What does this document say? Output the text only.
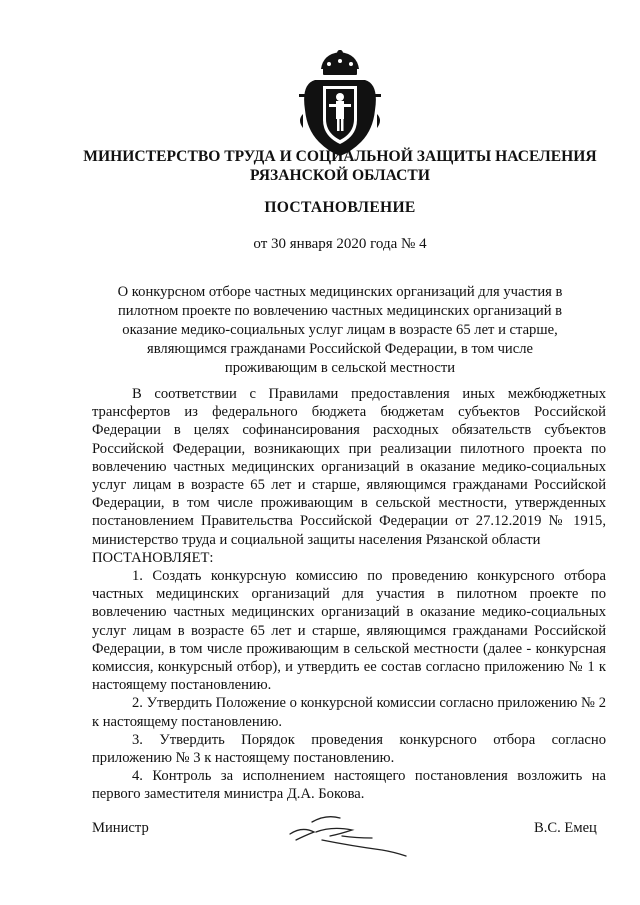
МИНИСТЕРСТВО ТРУДА И СОЦИАЛЬНОЙ ЗАЩИТЫ НАСЕЛЕНИЯ
РЯЗАНСКОЙ ОБЛАСТИ
ПОСТАНОВЛЕНИЕ
от 30 января 2020 года № 4
О конкурсном отборе частных медицинских организаций для участия в
пилотном проекте по вовлечению частных медицинских организаций в
оказание медико-социальных услуг лицам в возрасте 65 лет и старше,
являющимся гражданами Российской Федерации, в том числе
проживающим в сельской местности

В соответствии с Правилами предоставления иных межбюджетных трансфертов из федерального бюджета бюджетам субъектов Российской Федерации в целях софинансирования расходных обязательств субъектов Российской Федерации, возникающих при реализации пилотного проекта по вовлечению частных медицинских организаций в оказание медико-социальных услуг лицам в возрасте 65 лет и старше, являющимся гражданами Российской Федерации, в том числе проживающим в сельской местности, утвержденных постановлением Правительства Российской Федерации от 27.12.2019 № 1915, министерство труда и социальной защиты населения Рязанской области

ПОСТАНОВЛЯЕТ:

1. Создать конкурсную комиссию по проведению конкурсного отбора частных медицинских организаций для участия в пилотном проекте по вовлечению частных медицинских организаций в оказание медико-социальных услуг лицам в возрасте 65 лет и старше, являющимся гражданами Российской Федерации, в том числе проживающим в сельской местности (далее - конкурсная комиссия, конкурсный отбор), и утвердить ее состав согласно приложению № 1 к настоящему постановлению.

2. Утвердить Положение о конкурсной комиссии согласно приложению № 2 к настоящему постановлению.

3. Утвердить Порядок проведения конкурсного отбора согласно приложению № 3 к настоящему постановлению.

4. Контроль за исполнением настоящего постановления возложить на первого заместителя министра Д.А. Бокова.

Министр	В.С. Емец
